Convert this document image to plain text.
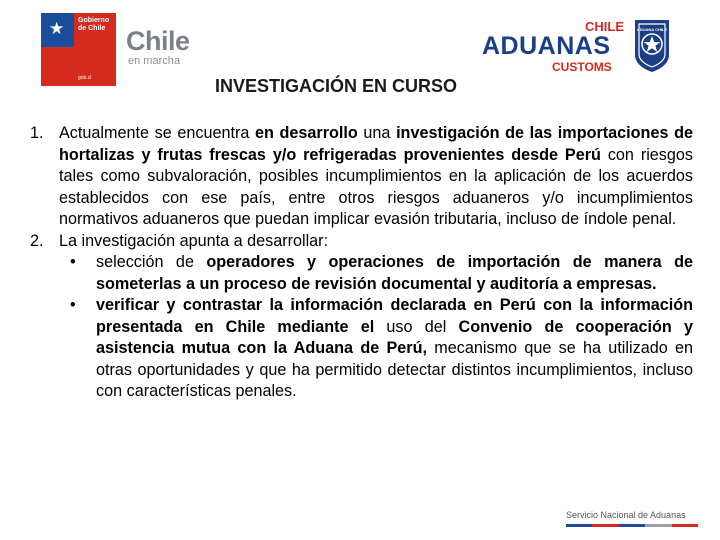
★ Gobierno de Chile
gob.cl
Chile
en marcha
CHILE
ADUANAS
CUSTOMS
ADUANA CHILE
INVESTIGACIÓN EN CURSO
1. Actualmente se encuentra en desarrollo una investigación de las importaciones de hortalizas y frutas frescas y/o refrigeradas provenientes desde Perú con riesgos tales como subvaloración, posibles incumplimientos en la aplicación de los acuerdos establecidos con ese país, entre otros riesgos aduaneros y/o incumplimientos normativos aduaneros que puedan implicar evasión tributaria, incluso de índole penal.
2. La investigación apunta a desarrollar:
• selección de operadores y operaciones de importación de manera de someterlas a un proceso de revisión documental y auditoría a empresas.
• verificar y contrastar la información declarada en Perú con la información presentada en Chile mediante el uso del Convenio de cooperación y asistencia mutua con la Aduana de Perú, mecanismo que se ha utilizado en otras oportunidades y que ha permitido detectar distintos incumplimientos, incluso con características penales.
Servicio Nacional de Aduanas
